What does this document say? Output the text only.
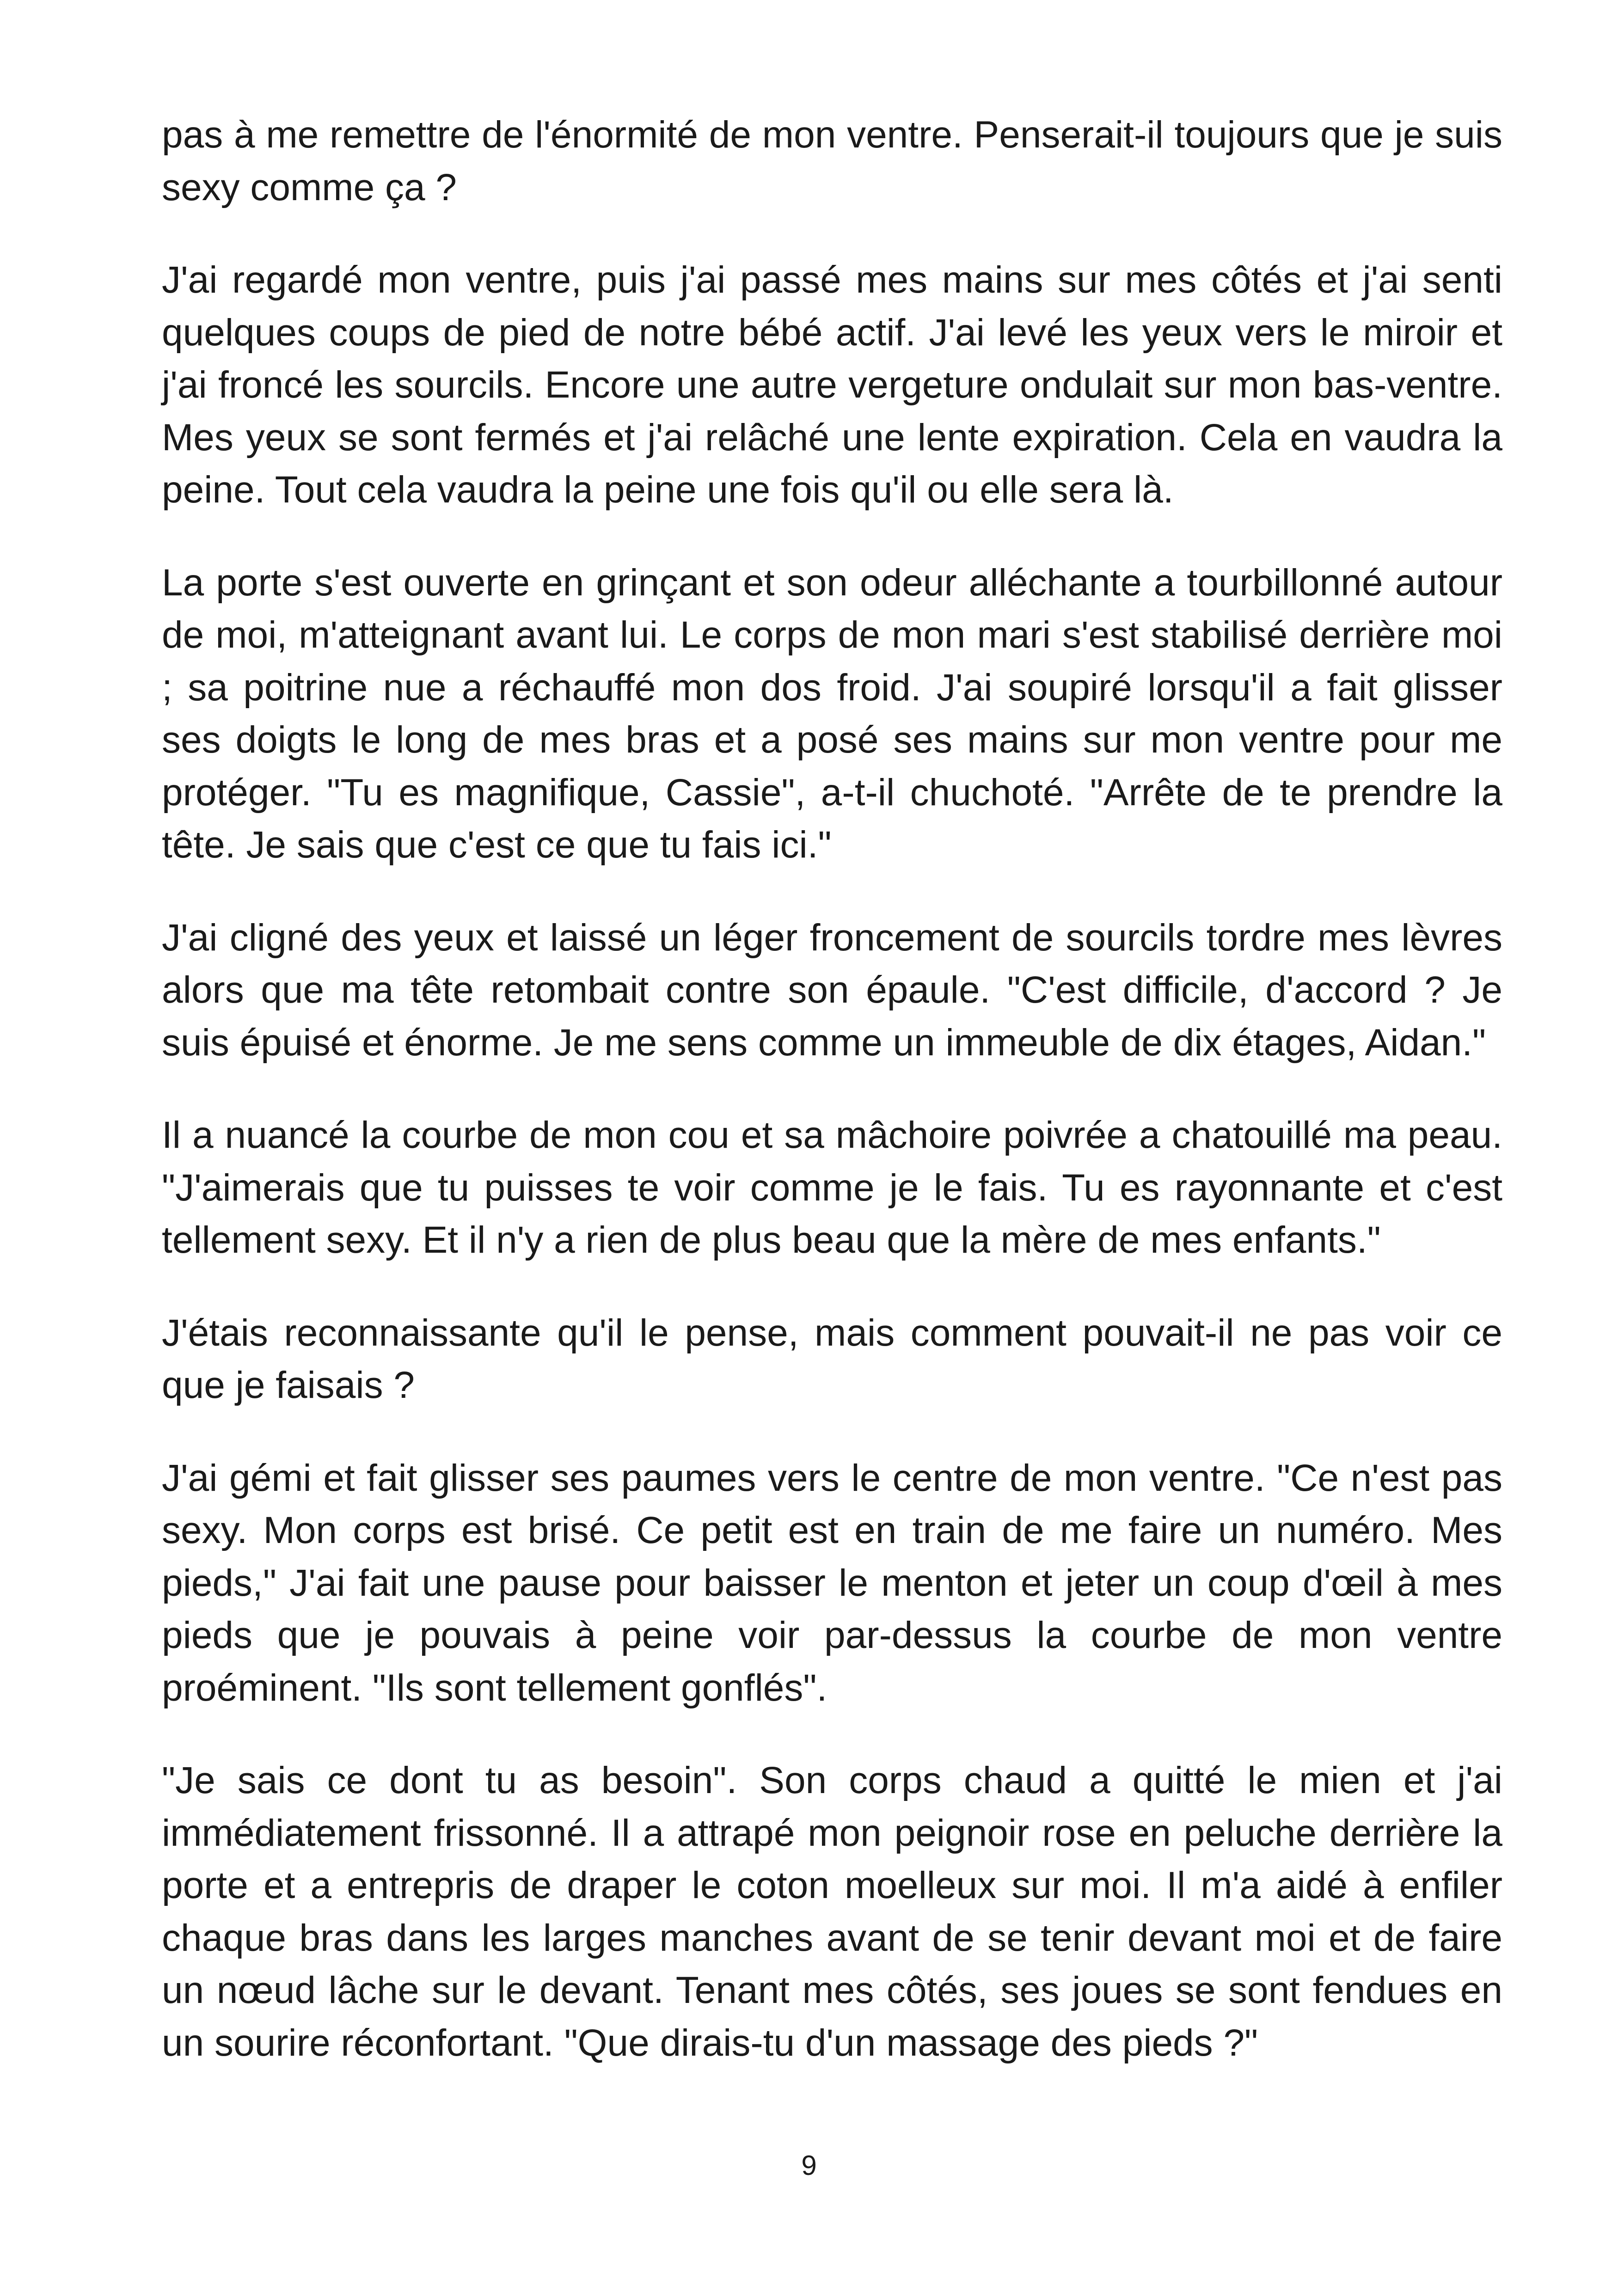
pas à me remettre de l'énormité de mon ventre. Penserait-il toujours que je suis sexy comme ça ?

J'ai regardé mon ventre, puis j'ai passé mes mains sur mes côtés et j'ai senti quelques coups de pied de notre bébé actif. J'ai levé les yeux vers le miroir et j'ai froncé les sourcils. Encore une autre vergeture ondulait sur mon bas-ventre. Mes yeux se sont fermés et j'ai relâché une lente expiration. Cela en vaudra la peine. Tout cela vaudra la peine une fois qu'il ou elle sera là.

La porte s'est ouverte en grinçant et son odeur alléchante a tourbillonné autour de moi, m'atteignant avant lui. Le corps de mon mari s'est stabilisé derrière moi ; sa poitrine nue a réchauffé mon dos froid. J'ai soupiré lorsqu'il a fait glisser ses doigts le long de mes bras et a posé ses mains sur mon ventre pour me protéger. "Tu es magnifique, Cassie", a-t-il chuchoté. "Arrête de te prendre la tête. Je sais que c'est ce que tu fais ici."

J'ai cligné des yeux et laissé un léger froncement de sourcils tordre mes lèvres alors que ma tête retombait contre son épaule. "C'est difficile, d'accord ? Je suis épuisé et énorme. Je me sens comme un immeuble de dix étages, Aidan."

Il a nuancé la courbe de mon cou et sa mâchoire poivrée a chatouillé ma peau. "J'aimerais que tu puisses te voir comme je le fais. Tu es rayonnante et c'est tellement sexy. Et il n'y a rien de plus beau que la mère de mes enfants."

J'étais reconnaissante qu'il le pense, mais comment pouvait-il ne pas voir ce que je faisais ?

J'ai gémi et fait glisser ses paumes vers le centre de mon ventre. "Ce n'est pas sexy. Mon corps est brisé. Ce petit est en train de me faire un numéro. Mes pieds," J'ai fait une pause pour baisser le menton et jeter un coup d'œil à mes pieds que je pouvais à peine voir par-dessus la courbe de mon ventre proéminent. "Ils sont tellement gonflés".

"Je sais ce dont tu as besoin". Son corps chaud a quitté le mien et j'ai immédiatement frissonné. Il a attrapé mon peignoir rose en peluche derrière la porte et a entrepris de draper le coton moelleux sur moi. Il m'a aidé à enfiler chaque bras dans les larges manches avant de se tenir devant moi et de faire un nœud lâche sur le devant. Tenant mes côtés, ses joues se sont fendues en un sourire réconfortant. "Que dirais-tu d'un massage des pieds ?"

9
